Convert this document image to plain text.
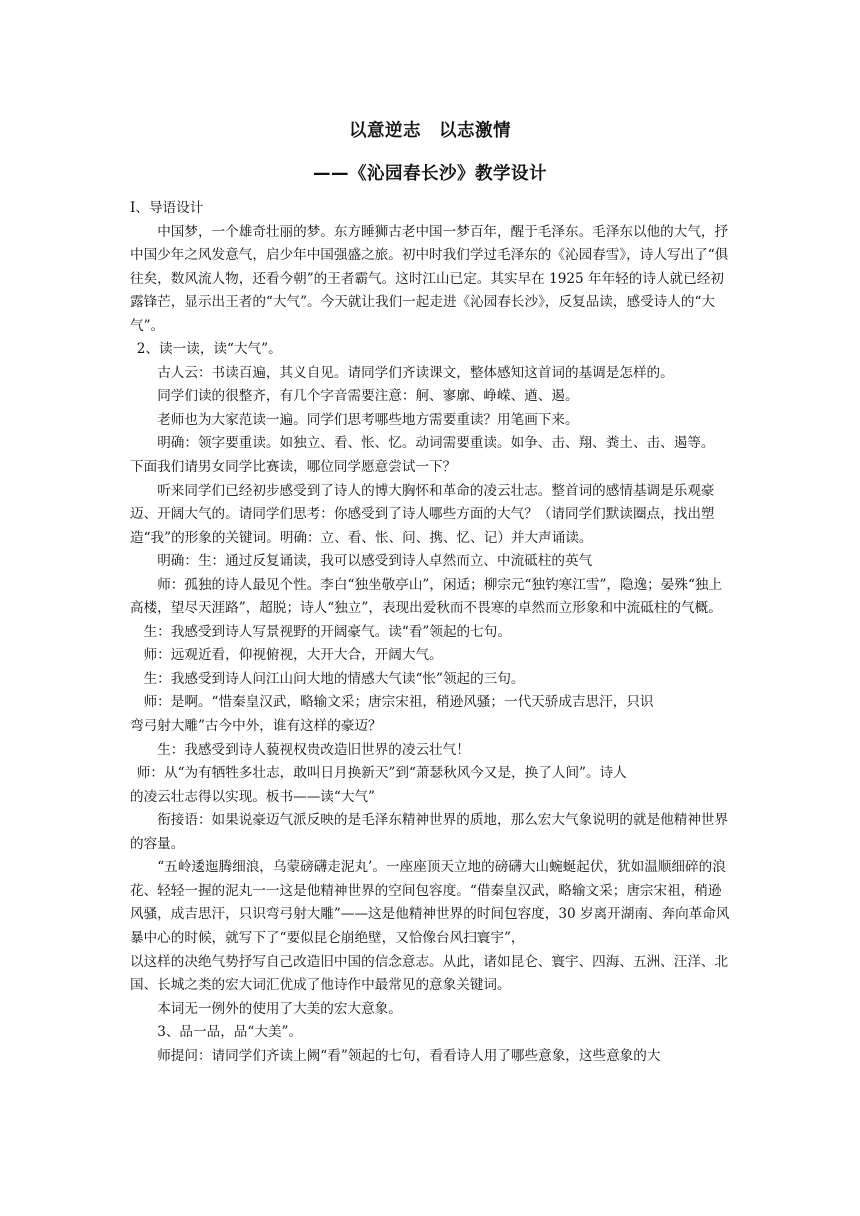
以意逆志　以志激情
——《沁园春长沙》教学设计

Ⅰ、导语设计

中国梦，一个雄奇壮丽的梦。东方睡狮古老中国一梦百年，醒于毛泽东。毛泽东以他的大气，抒中国少年之风发意气，启少年中国强盛之旅。初中时我们学过毛泽东的《沁园春雪》，诗人写出了“俱往矣，数风流人物，还看今朝”的王者霸气。这时江山已定。其实早在 1925 年年轻的诗人就已经初露锋芒，显示出王者的“大气”。今天就让我们一起走进《沁园春长沙》，反复品读，感受诗人的“大气”。

2、读一读，读“大气”。

古人云：书读百遍，其义自见。请同学们齐读课文，整体感知这首词的基调是怎样的。

同学们读的很整齐，有几个字音需要注意：舸、寥廓、峥嵘、遒、遏。

老师也为大家范读一遍。同学们思考哪些地方需要重读？用笔画下来。

明确：领字要重读。如独立、看、怅、忆。动词需要重读。如争、击、翔、粪土、击、遏等。

下面我们请男女同学比赛读，哪位同学愿意尝试一下？

听来同学们已经初步感受到了诗人的博大胸怀和革命的凌云壮志。整首词的感情基调是乐观豪迈、开阔大气的。请同学们思考：你感受到了诗人哪些方面的大气？（请同学们默读圈点，找出塑造“我”的形象的关键词。明确：立、看、怅、问、携、忆、记）并大声诵读。

明确：生：通过反复诵读，我可以感受到诗人卓然而立、中流砥柱的英气

师：孤独的诗人最见个性。李白“独坐敬亭山”，闲适；柳宗元“独钓寒江雪”，隐逸；晏殊“独上高楼，望尽天涯路”，超脱；诗人“独立”，表现出爱秋而不畏寒的卓然而立形象和中流砥柱的气概。

生：我感受到诗人写景视野的开阔豪气。读“看”领起的七句。

师：远观近看，仰视俯视，大开大合，开阔大气。

生：我感受到诗人问江山问大地的情感大气读“怅”领起的三句。

师：是啊。“惜秦皇汉武，略输文采；唐宗宋祖，稍逊风骚；一代天骄成吉思汗，只识

弯弓射大雕”古今中外，谁有这样的豪迈？

生：我感受到诗人藐视权贵改造旧世界的凌云壮气！

师：从“为有牺牲多壮志，敢叫日月换新天”到“萧瑟秋风今又是，换了人间”。诗人

的凌云壮志得以实现。板书——读“大气”

衔接语：如果说豪迈气派反映的是毛泽东精神世界的质地，那么宏大气象说明的就是他精神世界的容量。

“五岭逶迤腾细浪，乌蒙磅礴走泥丸’。一座座顶天立地的磅礴大山蜿蜒起伏，犹如温顺细碎的浪花、轻轻一握的泥丸一一这是他精神世界的空间包容度。“借秦皇汉武，略输文采；唐宗宋祖，稍逊风骚，成吉思汗，只识弯弓射大雕”——这是他精神世界的时间包容度，30 岁离开湖南、奔向革命风暴中心的时候，就写下了“要似昆仑崩绝壁，又恰像台风扫寰宇”，

以这样的决绝气势抒写自己改造旧中国的信念意志。从此，诸如昆仑、寰宇、四海、五洲、汪洋、北国、长城之类的宏大词汇优成了他诗作中最常见的意象关键词。

本词无一例外的使用了大美的宏大意象。

3、品一品，品“大美”。

师提问：请同学们齐读上阙“看”领起的七句，看看诗人用了哪些意象，这些意象的大
